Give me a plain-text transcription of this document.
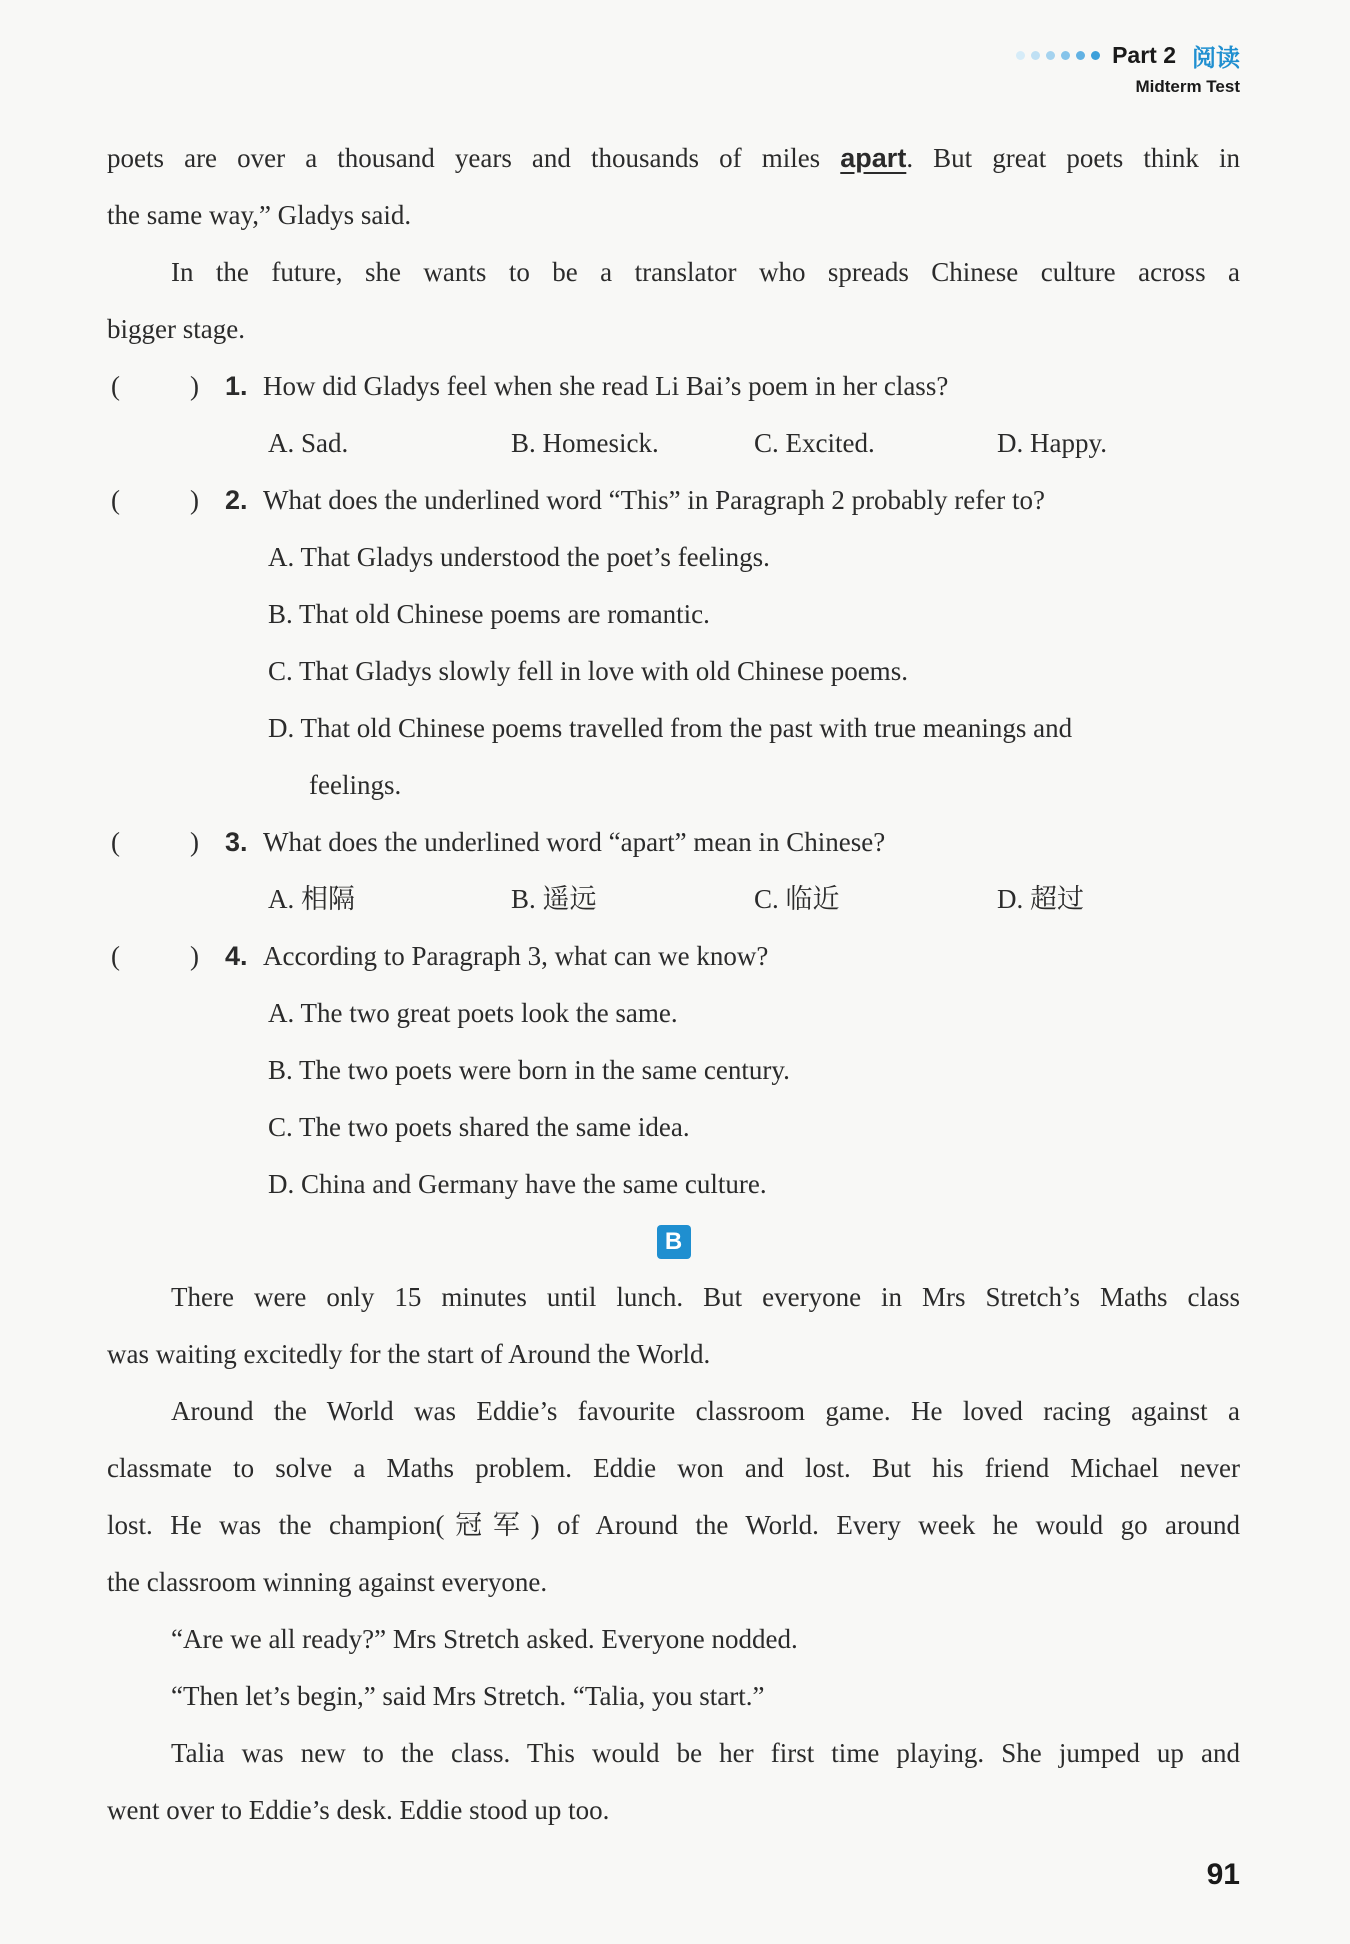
Part 2 阅读
Midterm Test
poets are over a thousand years and thousands of miles apart. But great poets think in
the same way,” Gladys said.
In the future, she wants to be a translator who spreads Chinese culture across a
bigger stage.
(	) 1. How did Gladys feel when she read Li Bai’s poem in her class?
A. Sad.	B. Homesick.	C. Excited.	D. Happy.
(	) 2. What does the underlined word “This” in Paragraph 2 probably refer to?
A. That Gladys understood the poet’s feelings.
B. That old Chinese poems are romantic.
C. That Gladys slowly fell in love with old Chinese poems.
D. That old Chinese poems travelled from the past with true meanings and
feelings.
(	) 3. What does the underlined word “apart” mean in Chinese?
A. 相隔	B. 遥远	C. 临近	D. 超过
(	) 4. According to Paragraph 3, what can we know?
A. The two great poets look the same.
B. The two poets were born in the same century.
C. The two poets shared the same idea.
D. China and Germany have the same culture.
B
There were only 15 minutes until lunch. But everyone in Mrs Stretch’s Maths class
was waiting excitedly for the start of Around the World.
Around the World was Eddie’s favourite classroom game. He loved racing against a
classmate to solve a Maths problem. Eddie won and lost. But his friend Michael never
lost. He was the champion(冠军) of Around the World. Every week he would go around
the classroom winning against everyone.
“Are we all ready?” Mrs Stretch asked. Everyone nodded.
“Then let’s begin,” said Mrs Stretch. “Talia, you start.”
Talia was new to the class. This would be her first time playing. She jumped up and
went over to Eddie’s desk. Eddie stood up too.
91
